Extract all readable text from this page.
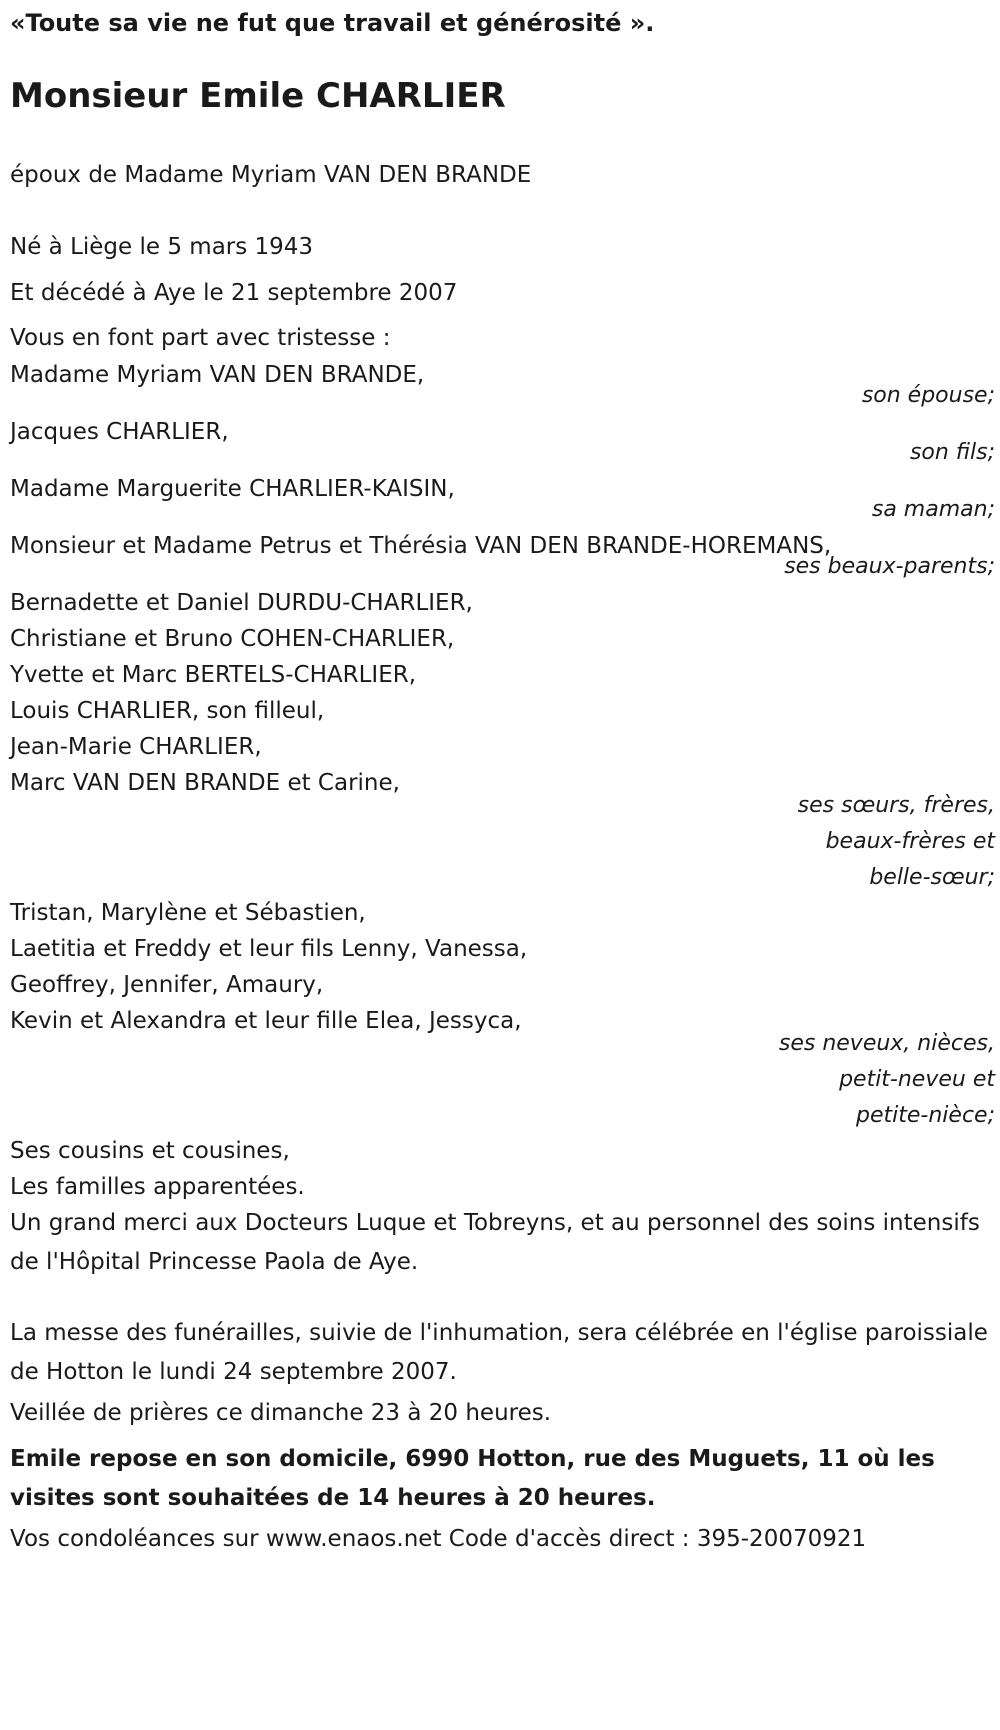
«Toute sa vie ne fut que travail et générosité ».

Monsieur Emile CHARLIER

époux de Madame Myriam VAN DEN BRANDE

Né à Liège le 5 mars 1943

Et décédé à Aye le 21 septembre 2007

Vous en font part avec tristesse :

Madame Myriam VAN DEN BRANDE,

son épouse;

Jacques CHARLIER,

son fils;

Madame Marguerite CHARLIER-KAISIN,

sa maman;

Monsieur et Madame Petrus et Thérésia VAN DEN BRANDE-HOREMANS,

ses beaux-parents;

Bernadette et Daniel DURDU-CHARLIER,

Christiane et Bruno COHEN-CHARLIER,

Yvette et Marc BERTELS-CHARLIER,

Louis CHARLIER, son filleul,

Jean-Marie CHARLIER,

Marc VAN DEN BRANDE et Carine,

ses sœurs, frères,

beaux-frères et

belle-sœur;

Tristan, Marylène et Sébastien,

Laetitia et Freddy et leur fils Lenny, Vanessa,

Geoffrey, Jennifer, Amaury,

Kevin et Alexandra et leur fille Elea, Jessyca,

ses neveux, nièces,

petit-neveu et

petite-nièce;

Ses cousins et cousines,

Les familles apparentées.

Un grand merci aux Docteurs Luque et Tobreyns, et au personnel des soins intensifs de l'Hôpital Princesse Paola de Aye.

La messe des funérailles, suivie de l'inhumation, sera célébrée en l'église paroissiale de Hotton le lundi 24 septembre 2007.

Veillée de prières ce dimanche 23 à 20 heures.

Emile repose en son domicile, 6990 Hotton, rue des Muguets, 11 où les visites sont souhaitées de 14 heures à 20 heures.

Vos condoléances sur www.enaos.net Code d'accès direct : 395-20070921
